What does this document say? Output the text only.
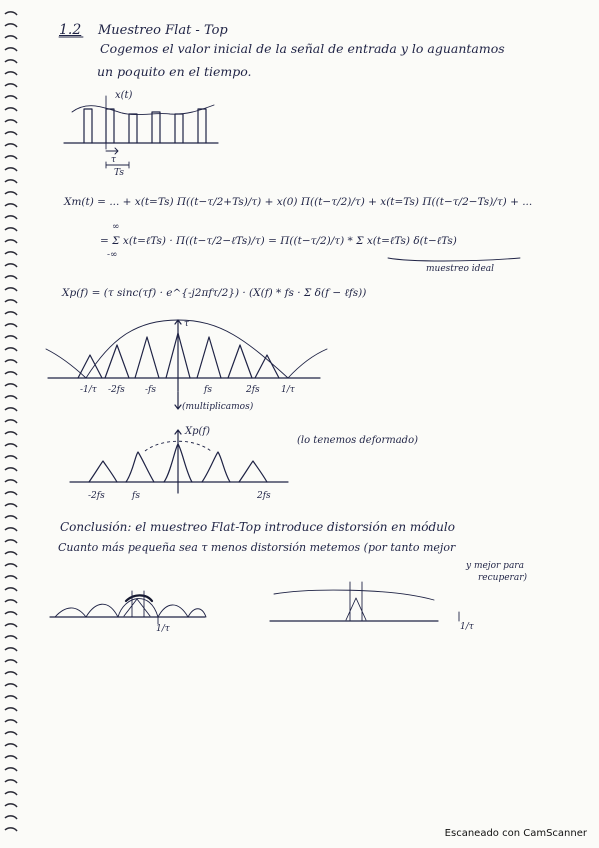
1.2 Muestreo Flat - Top
Cogemos el valor inicial de la señal de entrada y lo aguantamos
un poquito en el tiempo.
x(t)
τ
Ts
Xm(t) = ... + x(t=Ts) Π((t−τ/2+Ts)/τ) + x(0) Π((t−τ/2)/τ) + x(t=Ts) Π((t−τ/2−Ts)/τ) + ...
= Σ x(t=ℓTs) · Π((t−τ/2−ℓTs)/τ) = Π((t−τ/2)/τ) * Σ x(t=ℓTs) δ(t−ℓTs)
∞
-∞
muestreo ideal
Xp(f) = (τ sinc(τf) · e^{-j2πfτ/2}) · (X(f) * fs · Σ δ(f − ℓfs))
τ
-1/τ -2fs -fs	fs	2fs 1/τ
(multiplicamos)
Xp(f)
(lo tenemos deformado)
-2fs	fs	2fs
Conclusión: el muestreo Flat-Top introduce distorsión en módulo
Cuanto más pequeña sea τ menos distorsión metemos (por tanto mejor
y mejor para
recuperar)
1/τ	1/τ
Escaneado con CamScanner
